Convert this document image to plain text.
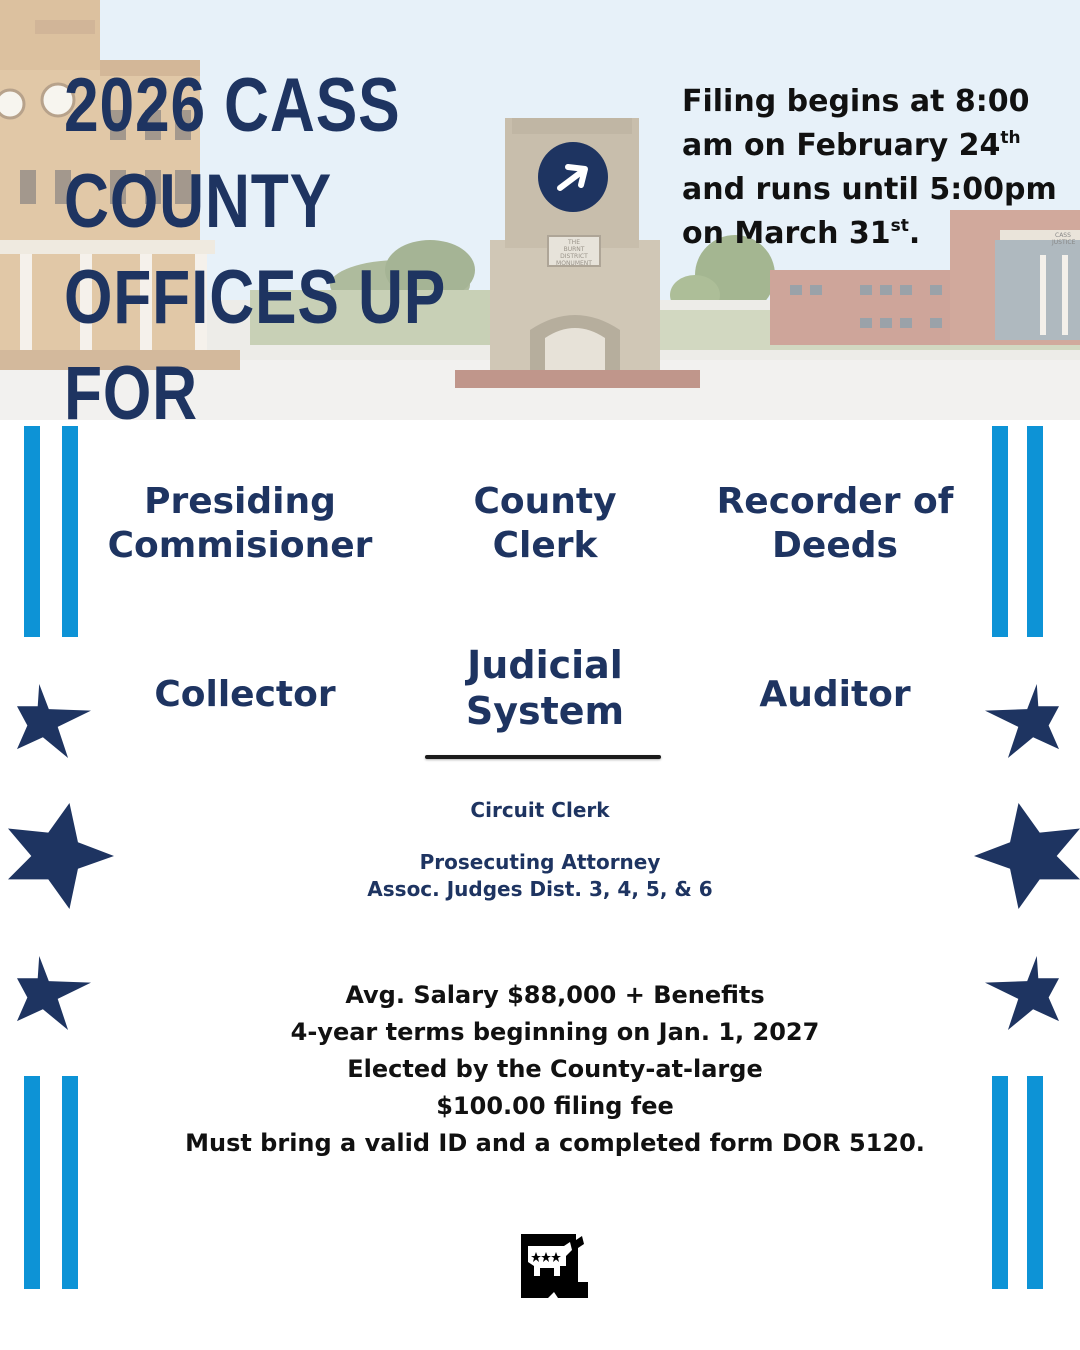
THE
BURNT
DISTRICT
MONUMENT
CASS
JUSTICE
2026 CASS COUNTY
OFFICES UP FOR

Filing begins at 8:00
am on February 24th
and runs until 5:00pm
on March 31st.

Presiding
Commisioner
County
Clerk
Recorder of
Deeds
Collector
Judicial
System	Auditor
Circuit Clerk
Prosecuting Attorney
Assoc. Judges Dist. 3, 4, 5, & 6
Avg. Salary $88,000 + Benefits
4-year terms beginning on Jan. 1, 2027
Elected by the County-at-large
$100.00 filing fee
Must bring a valid ID and a completed form DOR 5120.
